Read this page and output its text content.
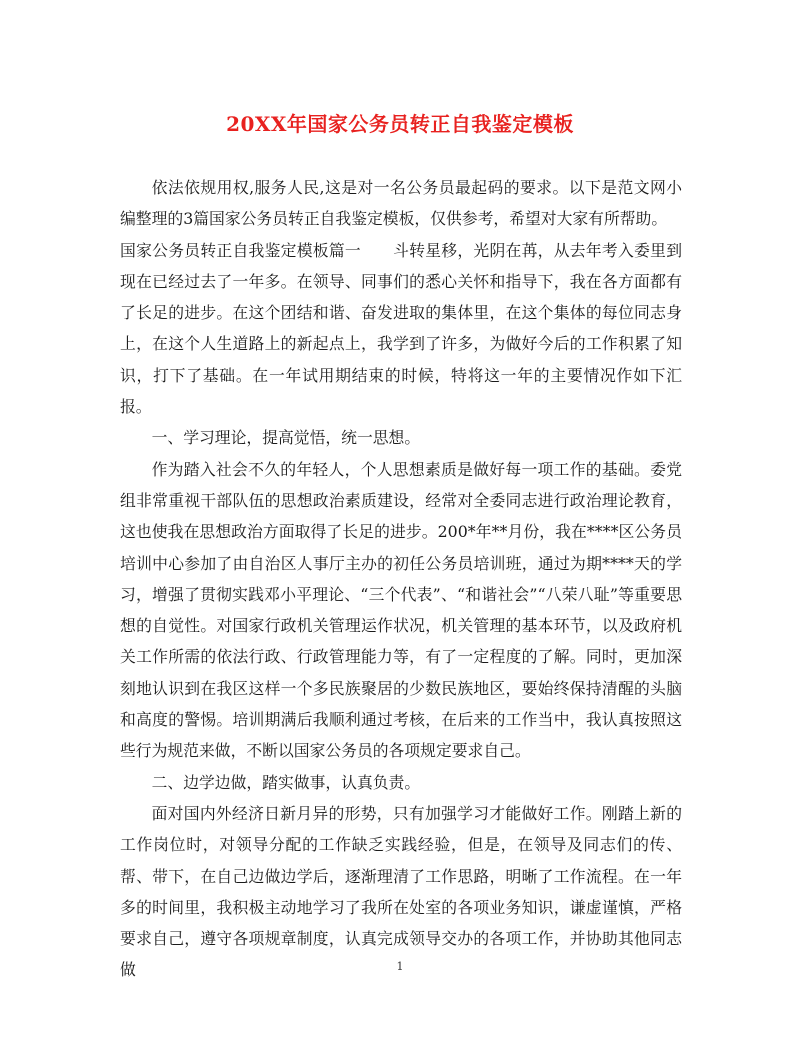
20XX年国家公务员转正自我鉴定模板

依法依规用权,服务人民,这是对一名公务员最起码的要求。以下是范文网小编整理的3篇国家公务员转正自我鉴定模板，仅供参考，希望对大家有所帮助。

国家公务员转正自我鉴定模板篇一　　斗转星移，光阴在苒，从去年考入委里到现在已经过去了一年多。在领导、同事们的悉心关怀和指导下，我在各方面都有了长足的进步。在这个团结和谐、奋发进取的集体里，在这个集体的每位同志身上，在这个人生道路上的新起点上，我学到了许多，为做好今后的工作积累了知识，打下了基础。在一年试用期结束的时候，特将这一年的主要情况作如下汇报。

一、学习理论，提高觉悟，统一思想。

作为踏入社会不久的年轻人，个人思想素质是做好每一项工作的基础。委党组非常重视干部队伍的思想政治素质建设，经常对全委同志进行政治理论教育，这也使我在思想政治方面取得了长足的进步。200*年**月份，我在****区公务员培训中心参加了由自治区人事厅主办的初任公务员培训班，通过为期****天的学习，增强了贯彻实践邓小平理论、“三个代表”、“和谐社会”“八荣八耻”等重要思想的自觉性。对国家行政机关管理运作状况，机关管理的基本环节，以及政府机关工作所需的依法行政、行政管理能力等，有了一定程度的了解。同时，更加深刻地认识到在我区这样一个多民族聚居的少数民族地区，要始终保持清醒的头脑和高度的警惕。培训期满后我顺利通过考核，在后来的工作当中，我认真按照这些行为规范来做，不断以国家公务员的各项规定要求自己。

二、边学边做，踏实做事，认真负责。

面对国内外经济日新月异的形势，只有加强学习才能做好工作。刚踏上新的工作岗位时，对领导分配的工作缺乏实践经验，但是，在领导及同志们的传、帮、带下，在自己边做边学后，逐渐理清了工作思路，明晰了工作流程。在一年多的时间里，我积极主动地学习了我所在处室的各项业务知识，谦虚谨慎，严格要求自己，遵守各项规章制度，认真完成领导交办的各项工作，并协助其他同志做	1
